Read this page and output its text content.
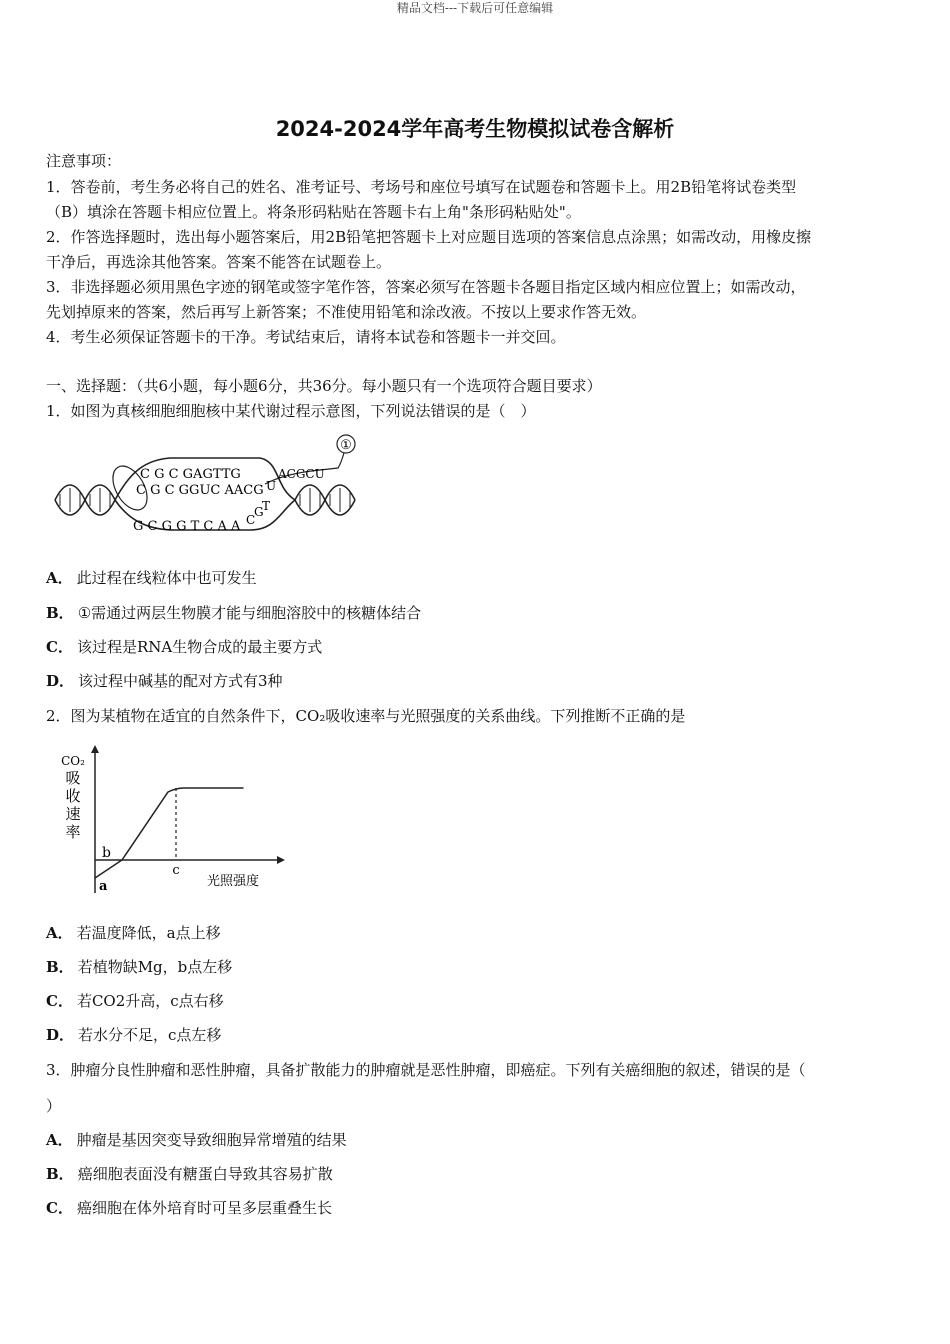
精品文档---下载后可任意编辑
2024-2024学年高考生物模拟试卷含解析
注意事项：
1．答卷前，考生务必将自己的姓名、准考证号、考场号和座位号填写在试题卷和答题卡上。用2B铅笔将试卷类型
（B）填涂在答题卡相应位置上。将条形码粘贴在答题卡右上角"条形码粘贴处"。
2．作答选择题时，选出每小题答案后，用2B铅笔把答题卡上对应题目选项的答案信息点涂黑；如需改动，用橡皮擦
干净后，再选涂其他答案。答案不能答在试题卷上。
3．非选择题必须用黑色字迹的钢笔或签字笔作答，答案必须写在答题卡各题目指定区域内相应位置上；如需改动，
先划掉原来的答案，然后再写上新答案；不准使用铅笔和涂改液。不按以上要求作答无效。
4．考生必须保证答题卡的干净。考试结束后，请将本试卷和答题卡一并交回。
一、选择题：（共6小题，每小题6分，共36分。每小题只有一个选项符合题目要求）
1．如图为真核细胞细胞核中某代谢过程示意图，下列说法错误的是（　）
①
C G C GAGTTG
C G C GGUC AACG U
ACGCU
G C G G T C A A C
G
T
A． 此过程在线粒体中也可发生
B． ①需通过两层生物膜才能与细胞溶胶中的核糖体结合
C． 该过程是RNA生物合成的最主要方式
D． 该过程中碱基的配对方式有3种
2．图为某植物在适宜的自然条件下，CO₂吸收速率与光照强度的关系曲线。下列推断不正确的是
CO₂
吸
收
速
率
a
b
c
光照强度
A． 若温度降低，a点上移
B． 若植物缺Mg，b点左移
C． 若CO2升高，c点右移
D． 若水分不足，c点左移
3．肿瘤分良性肿瘤和恶性肿瘤，具备扩散能力的肿瘤就是恶性肿瘤，即癌症。下列有关癌细胞的叙述，错误的是（
）
A． 肿瘤是基因突变导致细胞异常增殖的结果
B． 癌细胞表面没有糖蛋白导致其容易扩散
C． 癌细胞在体外培育时可呈多层重叠生长
